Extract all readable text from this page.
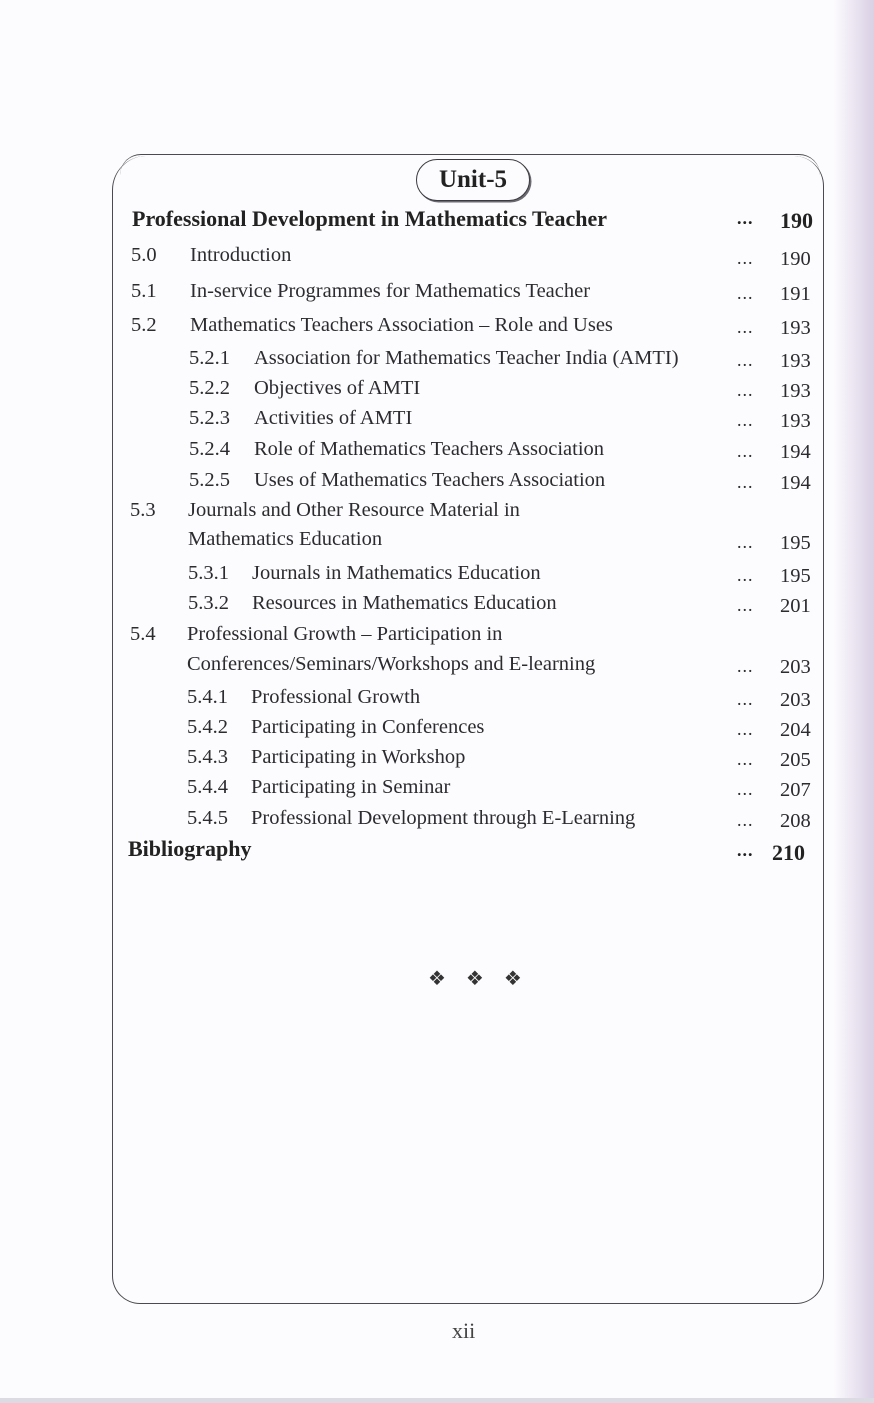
Unit-5
Professional Development in Mathematics Teacher	... 190
5.0 Introduction	... 190
5.1 In-service Programmes for Mathematics Teacher	... 191
5.2 Mathematics Teachers Association – Role and Uses	... 193
5.2.1 Association for Mathematics Teacher India (AMTI)	... 193
5.2.2 Objectives of AMTI	... 193
5.2.3 Activities of AMTI	... 193
5.2.4 Role of Mathematics Teachers Association	... 194
5.2.5 Uses of Mathematics Teachers Association	... 194
5.3 Journals and Other Resource Material in
Mathematics Education	... 195
5.3.1 Journals in Mathematics Education	... 195
5.3.2 Resources in Mathematics Education	... 201
5.4 Professional Growth – Participation in
Conferences/Seminars/Workshops and E-learning	... 203
5.4.1 Professional Growth	... 203
5.4.2 Participating in Conferences	... 204
5.4.3 Participating in Workshop	... 205
5.4.4 Participating in Seminar	... 207
5.4.5 Professional Development through E-Learning	... 208
Bibliography	... 210
❖❖❖
xii
